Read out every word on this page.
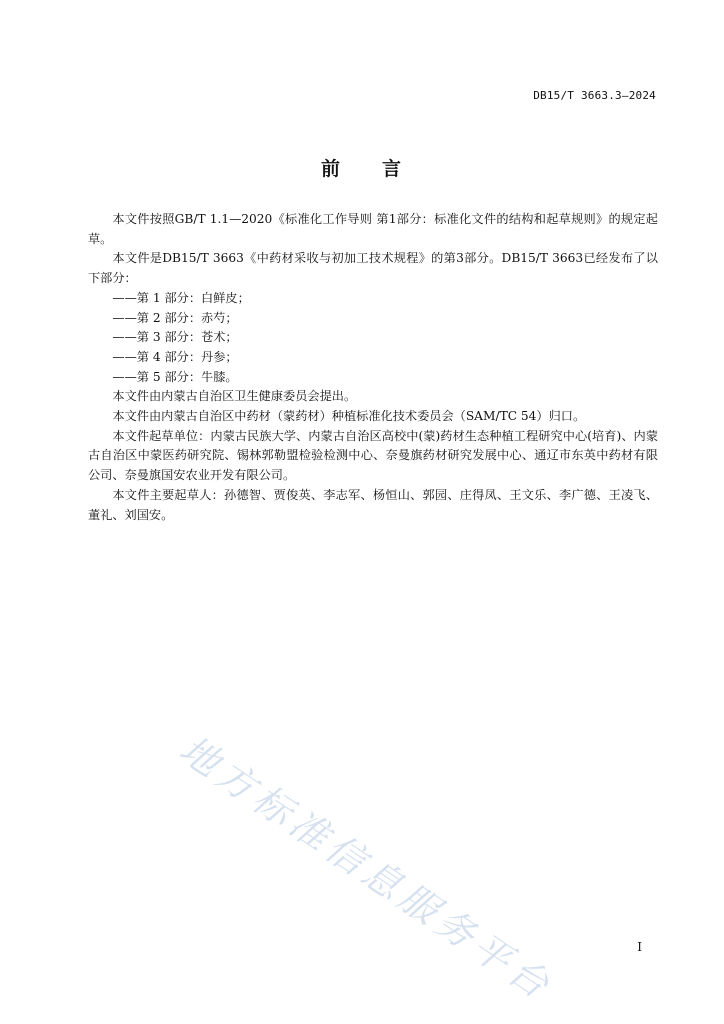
DB15/T 3663.3—2024
前 言

本文件按照GB/T 1.1—2020《标准化工作导则 第1部分：标准化文件的结构和起草规则》的规定起草。

本文件是DB15/T 3663《中药材采收与初加工技术规程》的第3部分。DB15/T 3663已经发布了以下部分：

——第 1 部分：白鲜皮；

——第 2 部分：赤芍；

——第 3 部分：苍术；

——第 4 部分：丹参；

——第 5 部分：牛膝。

本文件由内蒙古自治区卫生健康委员会提出。

本文件由内蒙古自治区中药材（蒙药材）种植标准化技术委员会（SAM/TC 54）归口。

本文件起草单位：内蒙古民族大学、内蒙古自治区高校中(蒙)药材生态种植工程研究中心(培育)、内蒙古自治区中蒙医药研究院、锡林郭勒盟检验检测中心、奈曼旗药材研究发展中心、通辽市东英中药材有限公司、奈曼旗国安农业开发有限公司。

本文件主要起草人：孙德智、贾俊英、李志军、杨恒山、郭园、庄得凤、王文乐、李广德、王凌飞、董礼、刘国安。

地方标准信息服务平台	I
